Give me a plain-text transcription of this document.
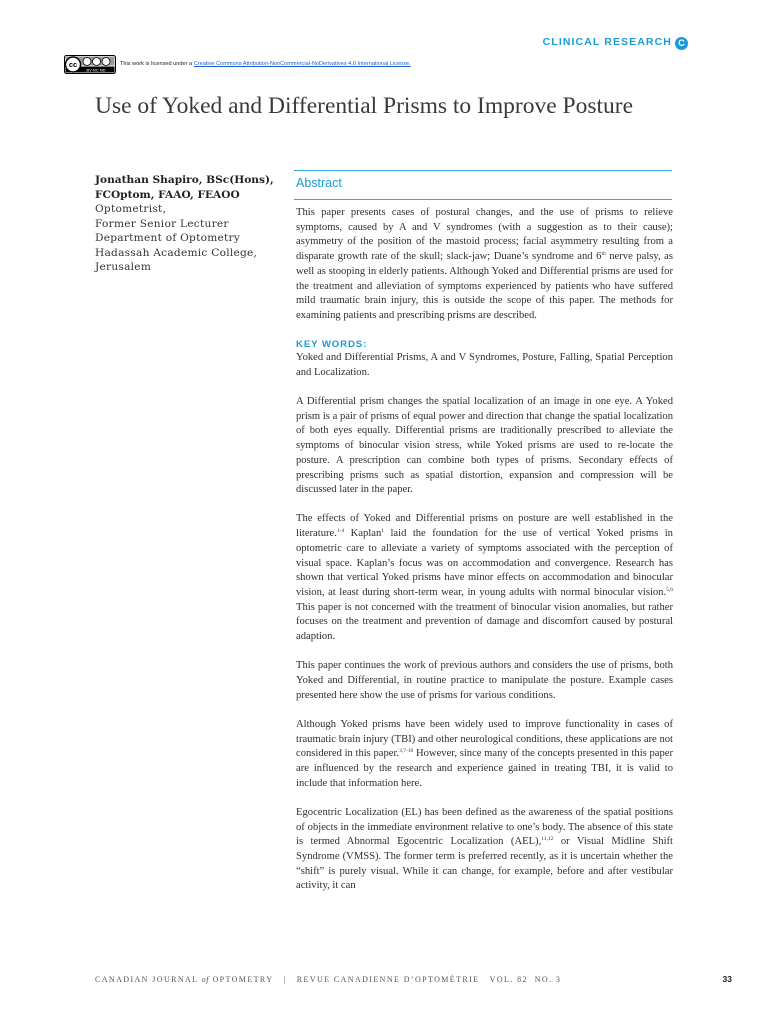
CLINICAL RESEARCH C
cc
BY NC ND
This work is licensed under a Creative Commons Attribution-NonCommercial-NoDerivatives 4.0 International License.
Use of Yoked and Differential Prisms to Improve Posture
Jonathan Shapiro, BSc(Hons),
FCOptom, FAAO, FEAOO
Optometrist,
Former Senior Lecturer
Department of Optometry
Hadassah Academic College,
Jerusalem
Abstract

This paper presents cases of postural changes, and the use of prisms to relieve symptoms, caused by A and V syndromes (with a suggestion as to their cause); asymmetry of the position of the mastoid process; facial asymmetry resulting from a disparate growth rate of the skull; slack-jaw; Duane’s syndrome and 6th nerve palsy, as well as stooping in elderly patients. Although Yoked and Differential prisms are used for the treatment and alleviation of symptoms experienced by patients who have suffered mild traumatic brain injury, this is outside the scope of this paper. The methods for examining patients and prescribing prisms are described.

KEY WORDS:

Yoked and Differential Prisms, A and V Syndromes, Posture, Falling, Spatial Perception and Localization.

A Differential prism changes the spatial localization of an image in one eye. A Yoked prism is a pair of prisms of equal power and direction that change the spatial localization of both eyes equally. Differential prisms are traditionally prescribed to alleviate the symptoms of binocular vision stress, while Yoked prisms are used to re-locate the posture. A prescription can combine both types of prisms. Secondary effects of prescribing prisms such as spatial distortion, expansion and compression will be discussed later in the paper.

The effects of Yoked and Differential prisms on posture are well established in the literature.$^{1-4}$ Kaplan$^1$ laid the foundation for the use of vertical Yoked prisms in optometric care to alleviate a variety of symptoms associated with the perception of visual space. Kaplan’s focus was on accommodation and convergence. Research has shown that vertical Yoked prisms have minor effects on accommodation and binocular vision, at least during short-term wear, in young adults with normal binocular vision.$^{5,6}$ This paper is not concerned with the treatment of binocular vision anomalies, but rather focuses on the treatment and prevention of damage and discomfort caused by postural adaption.

This paper continues the work of previous authors and considers the use of prisms, both Yoked and Differential, in routine practice to manipulate the posture. Example cases presented here show the use of prisms for various conditions.

Although Yoked prisms have been widely used to improve functionality in cases of traumatic brain injury (TBI) and other neurological conditions, these applications are not considered in this paper.$^{3,7-10}$ However, since many of the concepts presented in this paper are influenced by the research and experience gained in treating TBI, it is valid to include that information here.

Egocentric Localization (EL) has been defined as the awareness of the spatial positions of objects in the immediate environment relative to one’s body. The absence of this state is termed Abnormal Egocentric Localization (AEL),$^{11,12}$ or Visual Midline Shift Syndrome (VMSS). The former term is preferred recently, as it is uncertain whether the “shift” is purely visual. While it can change, for example, before and after vestibular activity, it can

CANADIAN JOURNAL of OPTOMETRY | REVUE CANADIENNE D’OPTOMÉTRIE VOL. 82 NO. 3	33
